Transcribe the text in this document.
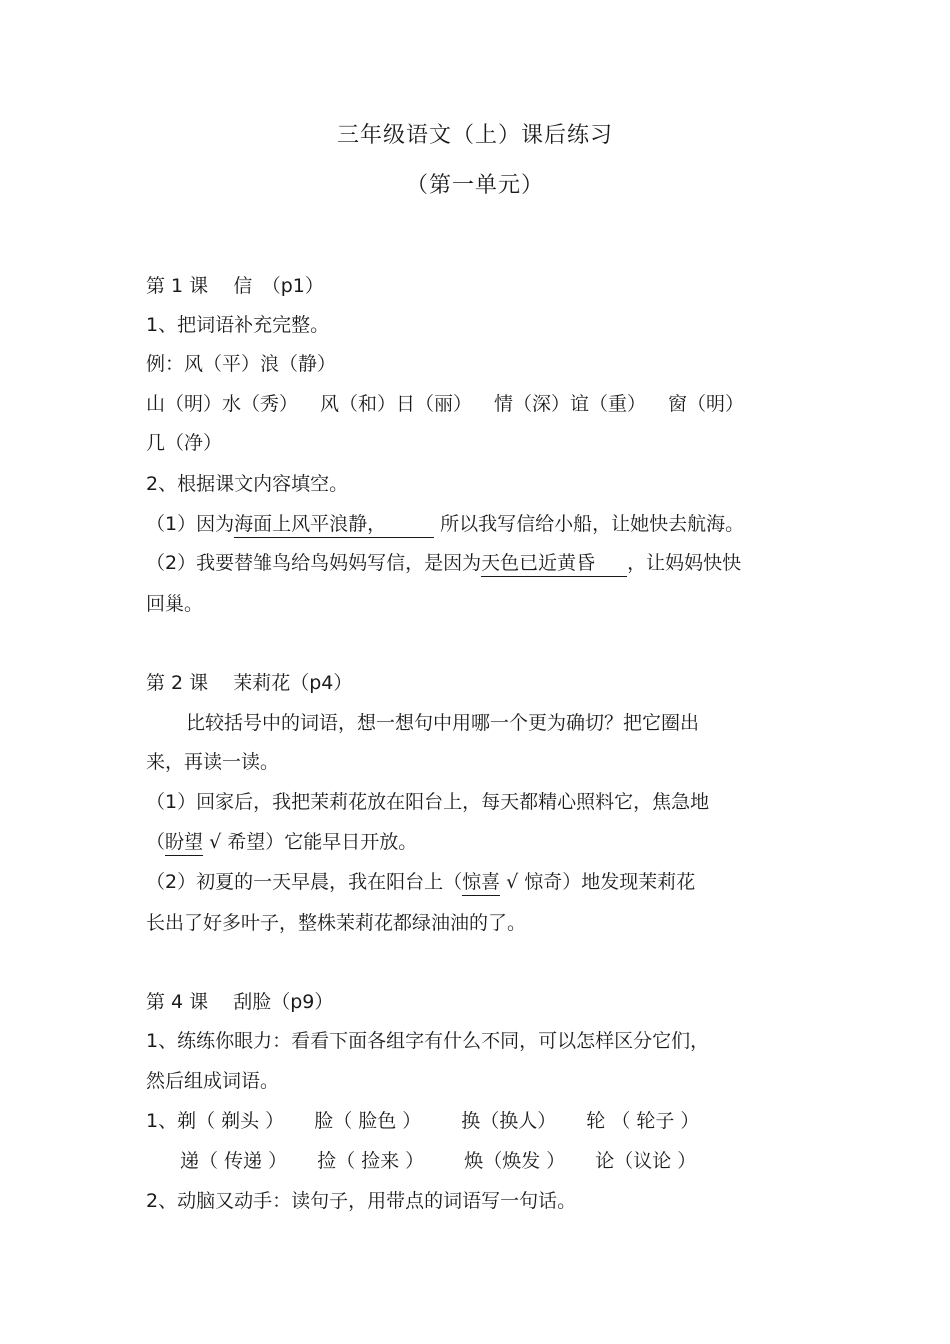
三年级语文（上）课后练习
（第一单元）
第 1 课　 信　（p1）
1、把词语补充完整。
例：风（平）浪（静）
山（明）水（秀） 风（和）日（丽） 情（深）谊（重） 窗（明）
几（净）
2、根据课文内容填空。
（1）因为海面上风平浪静，	所以我写信给小船，让她快去航海。
（2）我要替雏鸟给鸟妈妈写信，是因为天色已近黄昏 ，让妈妈快快
回巢。
第 2 课　 茉莉花（p4）
比较括号中的词语，想一想句中用哪一个更为确切？把它圈出
来，再读一读。
（1）回家后，我把茉莉花放在阳台上，每天都精心照料它，焦急地
（盼望 √ 希望）它能早日开放。
（2）初夏的一天早晨，我在阳台上（惊喜 √ 惊奇）地发现茉莉花
长出了好多叶子，整株茉莉花都绿油油的了。
第 4 课　 刮脸（p9）
1、练练你眼力：看看下面各组字有什么不同，可以怎样区分它们，
然后组成词语。
1、剃（ 剃头 ） 脸（ 脸色 ） 换（换人） 轮 （ 轮子 ）
递（ 传递 ） 捡（ 捡来 ） 焕（焕发 ） 论（议论 ）
2、动脑又动手：读句子，用带点的词语写一句话。
